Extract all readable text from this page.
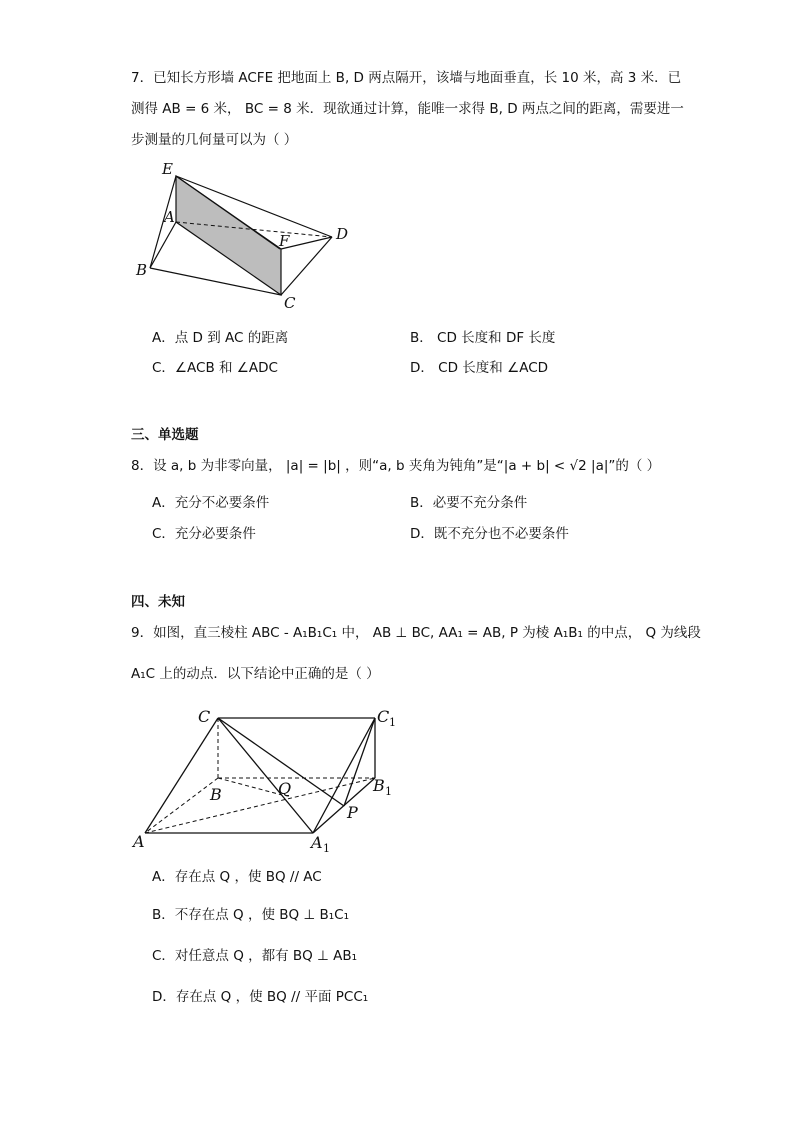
7．已知长方形墙 ACFE 把地面上 B, D 两点隔开，该墙与地面垂直，长 10 米，高 3 米．已
测得 AB = 6 米， BC = 8 米．现欲通过计算，能唯一求得 B, D 两点之间的距离，需要进一
步测量的几何量可以为（ ）
E
A
F	D
B
C
A．点 D 到 AC 的距离	B． CD 长度和 DF 长度
C．∠ACB 和 ∠ADC	D． CD 长度和 ∠ACD
三、单选题
8．设 a, b 为非零向量， |a| = |b| ，则“a, b 夹角为钝角”是“|a + b| < √2 |a|”的（ ）
A．充分不必要条件	B．必要不充分条件
C．充分必要条件	D．既不充分也不必要条件
四、未知
9．如图，直三棱柱 ABC - A₁B₁C₁ 中， AB ⊥ BC, AA₁ = AB, P 为棱 A₁B₁ 的中点， Q 为线段
A₁C 上的动点．以下结论中正确的是（ ）
C	C 1
B	Q	B 1
P
A	A 1
A．存在点 Q ，使 BQ // AC
B．不存在点 Q ，使 BQ ⊥ B₁C₁
C．对任意点 Q ，都有 BQ ⊥ AB₁
D．存在点 Q ，使 BQ // 平面 PCC₁
